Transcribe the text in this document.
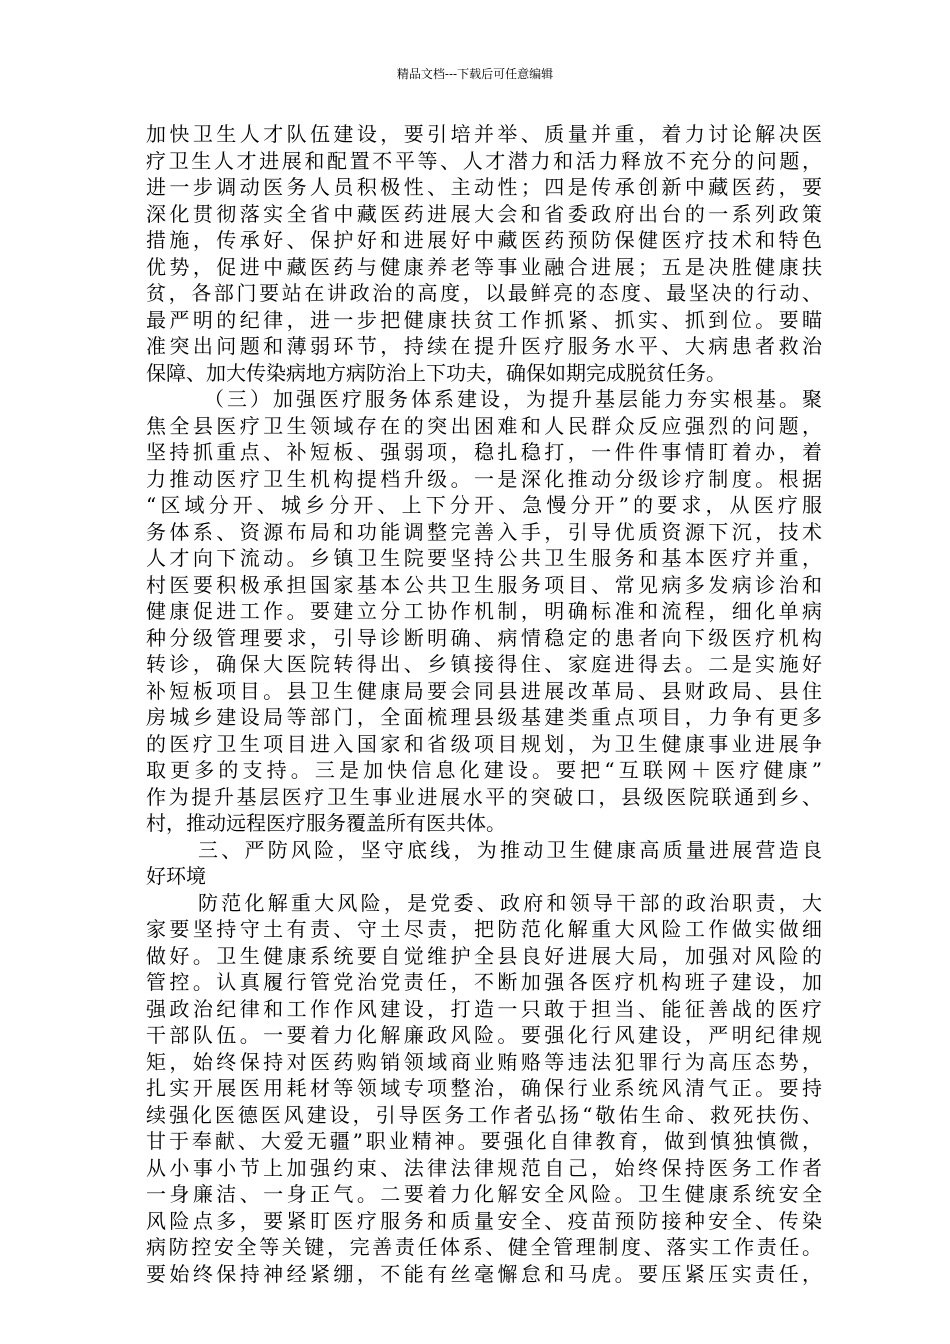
精品文档---下载后可任意编辑
加快卫生人才队伍建设，要引培并举、质量并重，着力讨论解决医
疗卫生人才进展和配置不平等、人才潜力和活力释放不充分的问题，
进一步调动医务人员积极性、主动性；四是传承创新中藏医药，要
深化贯彻落实全省中藏医药进展大会和省委政府出台的一系列政策
措施，传承好、保护好和进展好中藏医药预防保健医疗技术和特色
优势，促进中藏医药与健康养老等事业融合进展；五是决胜健康扶
贫，各部门要站在讲政治的高度，以最鲜亮的态度、最坚决的行动、
最严明的纪律，进一步把健康扶贫工作抓紧、抓实、抓到位。要瞄
准突出问题和薄弱环节，持续在提升医疗服务水平、大病患者救治
保障、加大传染病地方病防治上下功夫，确保如期完成脱贫任务。
（三）加强医疗服务体系建设，为提升基层能力夯实根基。聚
焦全县医疗卫生领域存在的突出困难和人民群众反应强烈的问题，
坚持抓重点、补短板、强弱项，稳扎稳打，一件件事情盯着办，着
力推动医疗卫生机构提档升级。一是深化推动分级诊疗制度。根据
“区域分开、城乡分开、上下分开、急慢分开”的要求，从医疗服
务体系、资源布局和功能调整完善入手，引导优质资源下沉，技术
人才向下流动。乡镇卫生院要坚持公共卫生服务和基本医疗并重，
村医要积极承担国家基本公共卫生服务项目、常见病多发病诊治和
健康促进工作。要建立分工协作机制，明确标准和流程，细化单病
种分级管理要求，引导诊断明确、病情稳定的患者向下级医疗机构
转诊，确保大医院转得出、乡镇接得住、家庭进得去。二是实施好
补短板项目。县卫生健康局要会同县进展改革局、县财政局、县住
房城乡建设局等部门，全面梳理县级基建类重点项目，力争有更多
的医疗卫生项目进入国家和省级项目规划，为卫生健康事业进展争
取更多的支持。三是加快信息化建设。要把“互联网＋医疗健康”
作为提升基层医疗卫生事业进展水平的突破口，县级医院联通到乡、
村，推动远程医疗服务覆盖所有医共体。
三、严防风险，坚守底线，为推动卫生健康高质量进展营造良
好环境
防范化解重大风险，是党委、政府和领导干部的政治职责，大
家要坚持守土有责、守土尽责，把防范化解重大风险工作做实做细
做好。卫生健康系统要自觉维护全县良好进展大局，加强对风险的
管控。认真履行管党治党责任，不断加强各医疗机构班子建设，加
强政治纪律和工作作风建设，打造一只敢于担当、能征善战的医疗
干部队伍。一要着力化解廉政风险。要强化行风建设，严明纪律规
矩，始终保持对医药购销领域商业贿赂等违法犯罪行为高压态势，
扎实开展医用耗材等领域专项整治，确保行业系统风清气正。要持
续强化医德医风建设，引导医务工作者弘扬“敬佑生命、救死扶伤、
甘于奉献、大爱无疆”职业精神。要强化自律教育，做到慎独慎微，
从小事小节上加强约束、法律法律规范自己，始终保持医务工作者
一身廉洁、一身正气。二要着力化解安全风险。卫生健康系统安全
风险点多，要紧盯医疗服务和质量安全、疫苗预防接种安全、传染
病防控安全等关键，完善责任体系、健全管理制度、落实工作责任。
要始终保持神经紧绷，不能有丝毫懈怠和马虎。要压紧压实责任，
